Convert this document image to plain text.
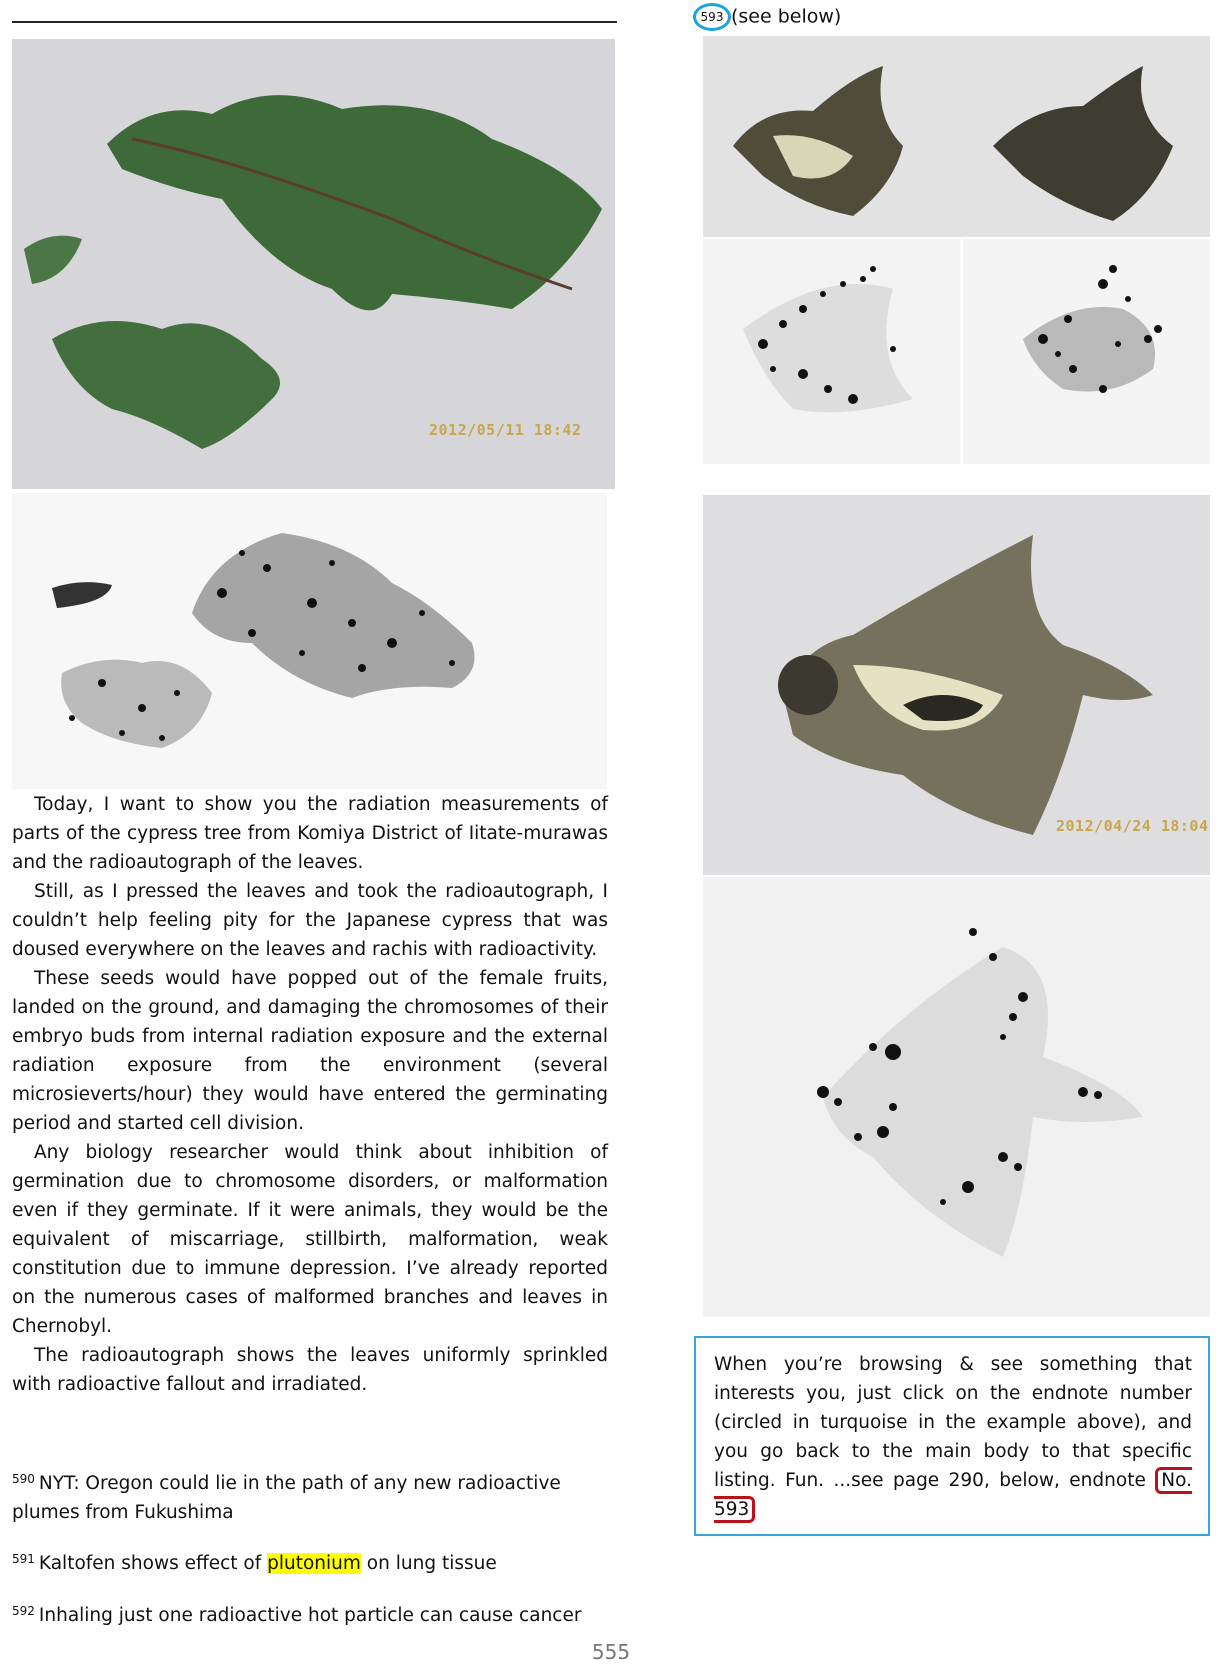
2012/05/11 18:42

Today, I want to show you the radiation measurements of parts of the cypress tree from Komiya District of Iitate-murawas and the radioautograph of the leaves.

Still, as I pressed the leaves and took the radioautograph, I couldn’t help feeling pity for the Japanese cypress that was doused everywhere on the leaves and rachis with radioactivity.

These seeds would have popped out of the female fruits, landed on the ground, and damaging the chromosomes of their embryo buds from internal radiation exposure and the external radiation exposure from the environment (several microsieverts/hour) they would have entered the germinating period and started cell division.

Any biology researcher would think about inhibition of germination due to chromosome disorders, or malformation even if they germinate. If it were animals, they would be the equivalent of miscarriage, stillbirth, malformation, weak constitution due to immune depression. I’ve already reported on the numerous cases of malformed branches and leaves in Chernobyl.

The radioautograph shows the leaves uniformly sprinkled with radioactive fallout and irradiated.

$^{590}$ NYT: Oregon could lie in the path of any new radioactive plumes from Fukushima
$^{591}$ Kaltofen shows effect of plutonium on lung tissue
$^{592}$ Inhaling just one radioactive hot particle can cause cancer
593 (see below)
2012/04/24 18:04
When you’re browsing & see something that interests you, just click on the endnote number (circled in turquoise in the example above), and you go back to the main body to that specific listing. Fun. ...see page 290, below, endnote No. 593
555
